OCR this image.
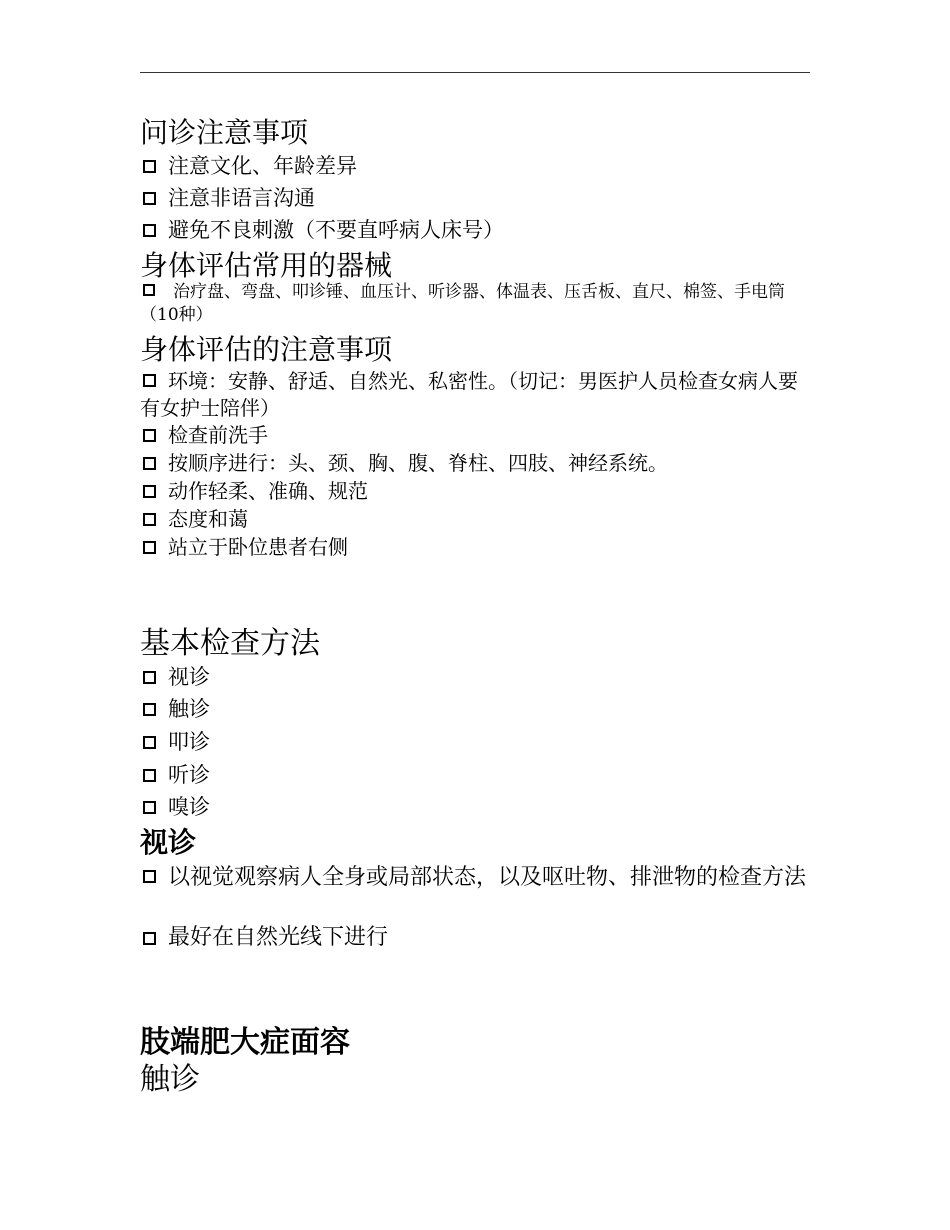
问诊注意事项
注意文化、年龄差异
注意非语言沟通
避免不良刺激（不要直呼病人床号）
身体评估常用的器械
治疗盘、弯盘、叩诊锤、血压计、听诊器、体温表、压舌板、直尺、棉签、手电筒（10种）
身体评估的注意事项
环境：安静、舒适、自然光、私密性。（切记：男医护人员检查女病人要有女护士陪伴）
检查前洗手
按顺序进行：头、颈、胸、腹、脊柱、四肢、神经系统。
动作轻柔、准确、规范
态度和蔼
站立于卧位患者右侧
基本检查方法
视诊
触诊
叩诊
听诊
嗅诊
视诊
以视觉观察病人全身或局部状态，以及呕吐物、排泄物的检查方法
最好在自然光线下进行
肢端肥大症面容
触诊
